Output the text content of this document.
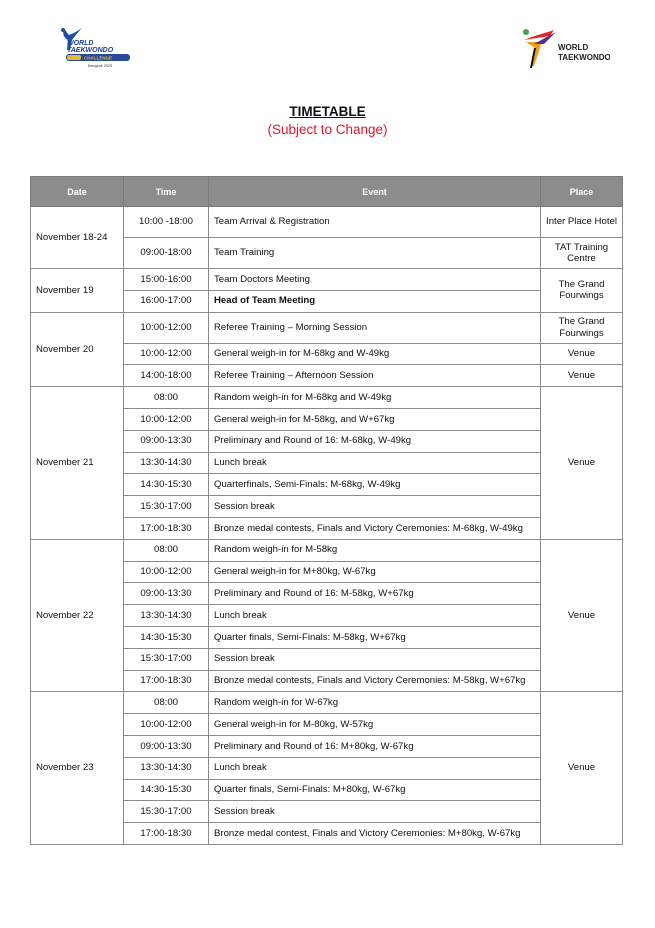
WORLD
TAEKWONDO
CHALLENGE
Bangkok 2025
WORLD
TAEKWONDO
TIMETABLE
(Subject to Change)
Date	Time	Event	Place
November 18-24	10:00 -18:00	Team Arrival & Registration	Inter Place Hotel
	09:00-18:00	Team Training	TAT Training Centre
November 19	15:00-16:00	Team Doctors Meeting	The Grand Fourwings
	16:00-17:00	Head of Team Meeting	
November 20	10:00-12:00	Referee Training – Morning Session	The Grand Fourwings
	10:00-12:00	General weigh-in for M-68kg and W-49kg	Venue
	14:00-18:00	Referee Training – Afternoon Session	Venue
November 21	08:00	Random weigh-in for M-68kg and W-49kg	Venue
	10:00-12:00	General weigh-in for M-58kg, and W+67kg	
	09:00-13:30	Preliminary and Round of 16: M-68kg, W-49kg	
	13:30-14:30	Lunch break	
	14:30-15:30	Quarterfinals, Semi-Finals: M-68kg, W-49kg	
	15:30-17:00	Session break	
	17:00-18:30	Bronze medal contests, Finals and Victory Ceremonies: M-68kg, W-49kg	
November 22	08:00	Random weigh-in for M-58kg	Venue
	10:00-12:00	General weigh-in for M+80kg, W-67kg	
	09:00-13:30	Preliminary and Round of 16: M-58kg, W+67kg	
	13:30-14:30	Lunch break	
	14:30-15:30	Quarter finals, Semi-Finals: M-58kg, W+67kg	
	15:30-17:00	Session break	
	17:00-18:30	Bronze medal contests, Finals and Victory Ceremonies: M-58kg, W+67kg	
November 23	08:00	Random weigh-in for W-67kg	Venue
	10:00-12:00	General weigh-in for M-80kg, W-57kg	
	09:00-13:30	Preliminary and Round of 16: M+80kg, W-67kg	
	13:30-14:30	Lunch break	
	14:30-15:30	Quarter finals, Semi-Finals: M+80kg, W-67kg	
	15:30-17:00	Session break	
	17:00-18:30	Bronze medal contest, Finals and Victory Ceremonies: M+80kg, W-67kg	
